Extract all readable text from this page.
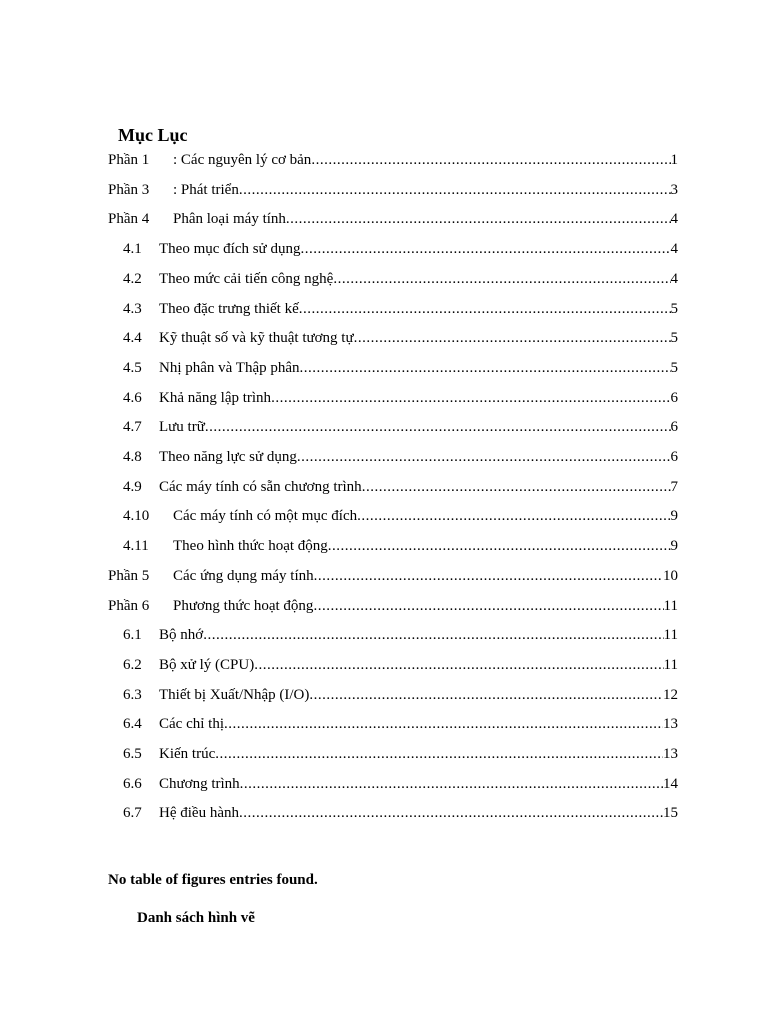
Mục Lục
Phần 1	: Các nguyên lý cơ bản .....	1
Phần 3	: Phát triển .....	3
Phần 4	Phân loại máy tính .....	4
4.1	Theo mục đích sử dụng .....	4
4.2	Theo mức cải tiến công nghệ .....	4
4.3	Theo đặc trưng thiết kế .....	5
4.4	Kỹ thuật số và kỹ thuật tương tự .....	5
4.5	Nhị phân và Thập phân .....	5
4.6	Khả năng lập trình .....	6
4.7	Lưu trữ .....	6
4.8	Theo năng lực sử dụng .....	6
4.9	Các máy tính có sẵn chương trình .....	7
4.10	Các máy tính có một mục đích .....	9
4.11	Theo hình thức hoạt động .....	9
Phần 5	Các ứng dụng máy tính .....	10
Phần 6	Phương thức hoạt động .....	11
6.1	Bộ nhớ .....	11
6.2	Bộ xử lý (CPU) .....	11
6.3	Thiết bị Xuất/Nhập (I/O) .....	12
6.4	Các chỉ thị .....	13
6.5	Kiến trúc .....	13
6.6	Chương trình .....	14
6.7	Hệ điều hành .....	15

No table of figures entries found.

Danh sách hình vẽ
